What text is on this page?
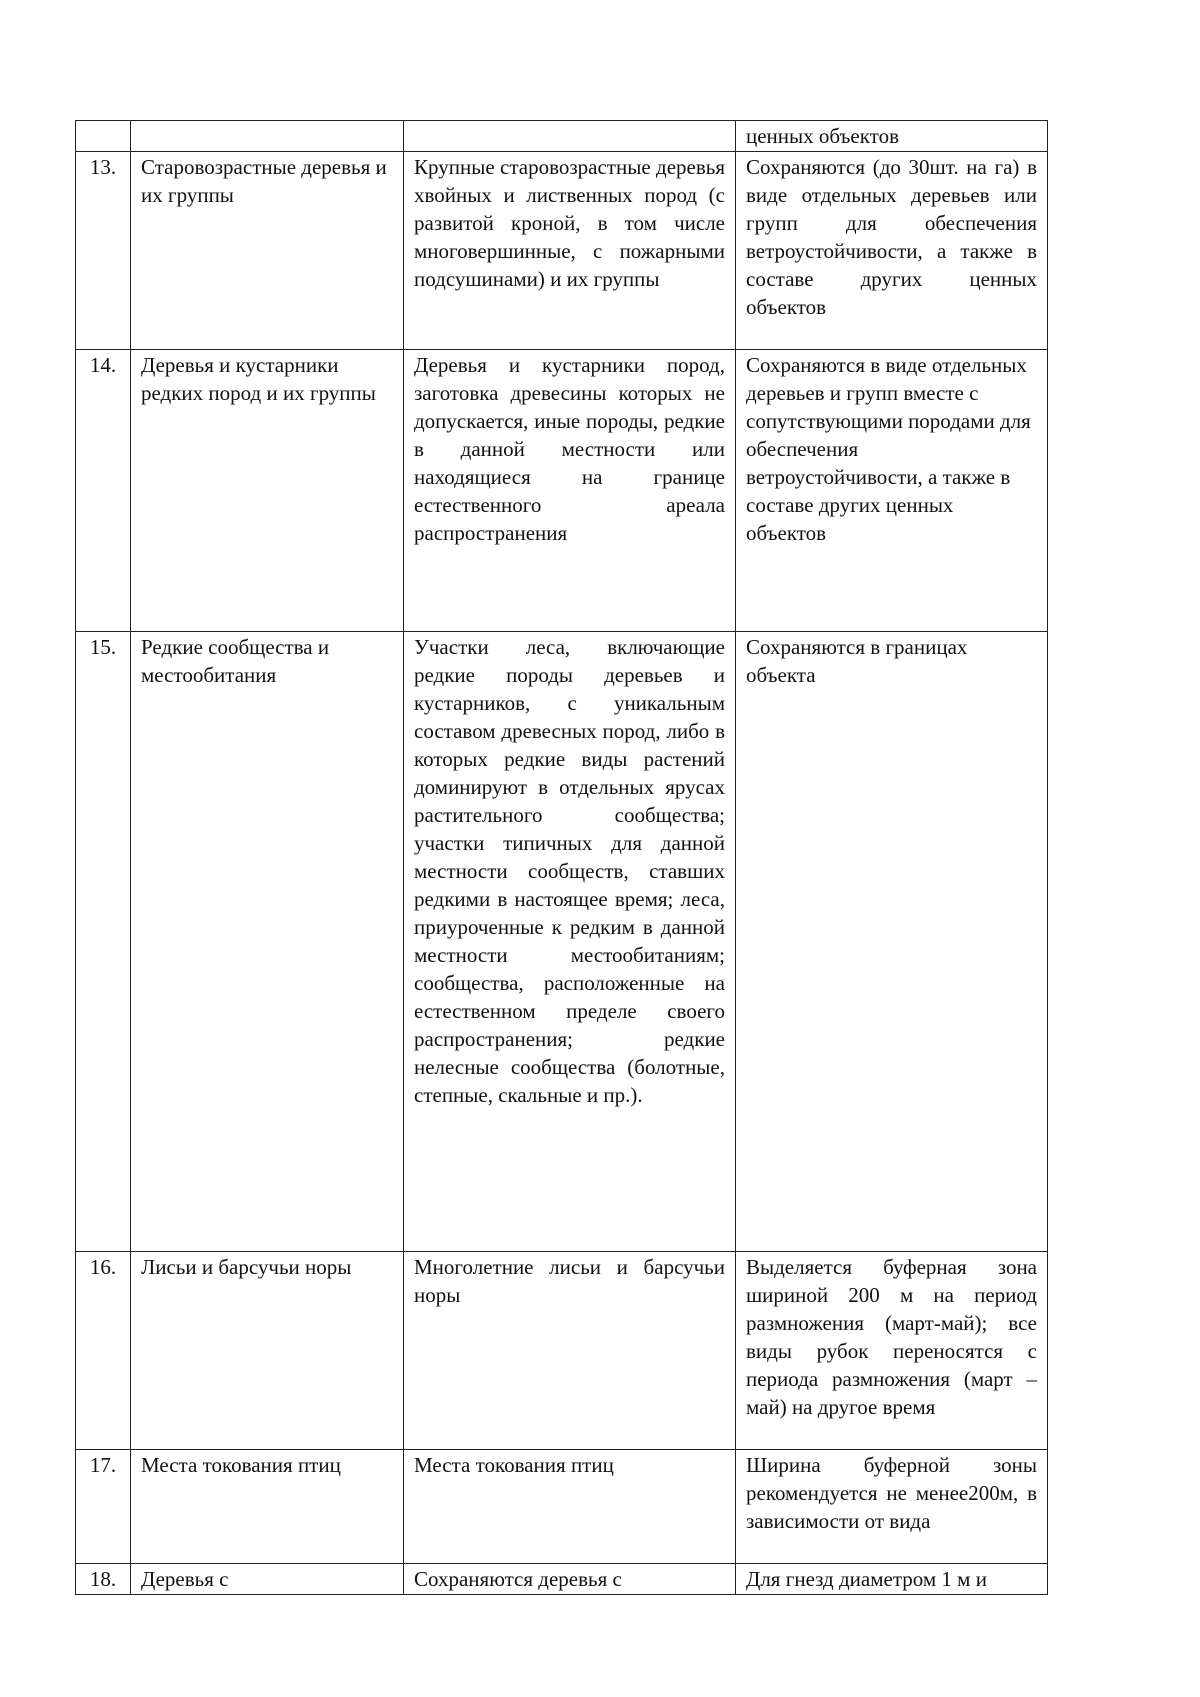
			ценных объектов
13.	Старовозрастные деревья и их группы	Крупные старовозрастные деревья хвойных и лиственных пород (с развитой кроной, в том числе многовершинные, с пожарными подсушинами) и их группы	Сохраняются (до 30шт. на га) в виде отдельных деревьев или групп для обеспечения ветроустойчивости, а также в составе других ценных объектов
14.	Деревья и кустарники редких пород и их группы	Деревья и кустарники пород, заготовка древесины которых не допускается, иные породы, редкие в данной местности или находящиеся на границе естественного ареала распространения	Сохраняются в виде отдельных деревьев и групп вместе с сопутствующими породами для обеспечения ветроустойчивости, а также в составе других ценных объектов
15.	Редкие сообщества и местообитания	Участки леса, включающие редкие породы деревьев и кустарников, с уникальным составом древесных пород, либо в которых редкие виды растений доминируют в отдельных ярусах растительного сообщества; участки типичных для данной местности сообществ, ставших редкими в настоящее время; леса, приуроченные к редким в данной местности местообитаниям; сообщества, расположенные на естественном пределе своего распространения; редкие нелесные сообщества (болотные, степные, скальные и пр.).	Сохраняются в границах объекта
16.	Лисьи и барсучьи норы	Многолетние лисьи и барсучьи норы	Выделяется буферная зона шириной 200 м на период размножения (март-май); все виды рубок переносятся с периода размножения (март – май) на другое время
17.	Места токования птиц	Места токования птиц	Ширина буферной зоны рекомендуется не менее200м, в зависимости от вида
18.	Деревья с	Сохраняются деревья с	Для гнезд диаметром 1 м и
